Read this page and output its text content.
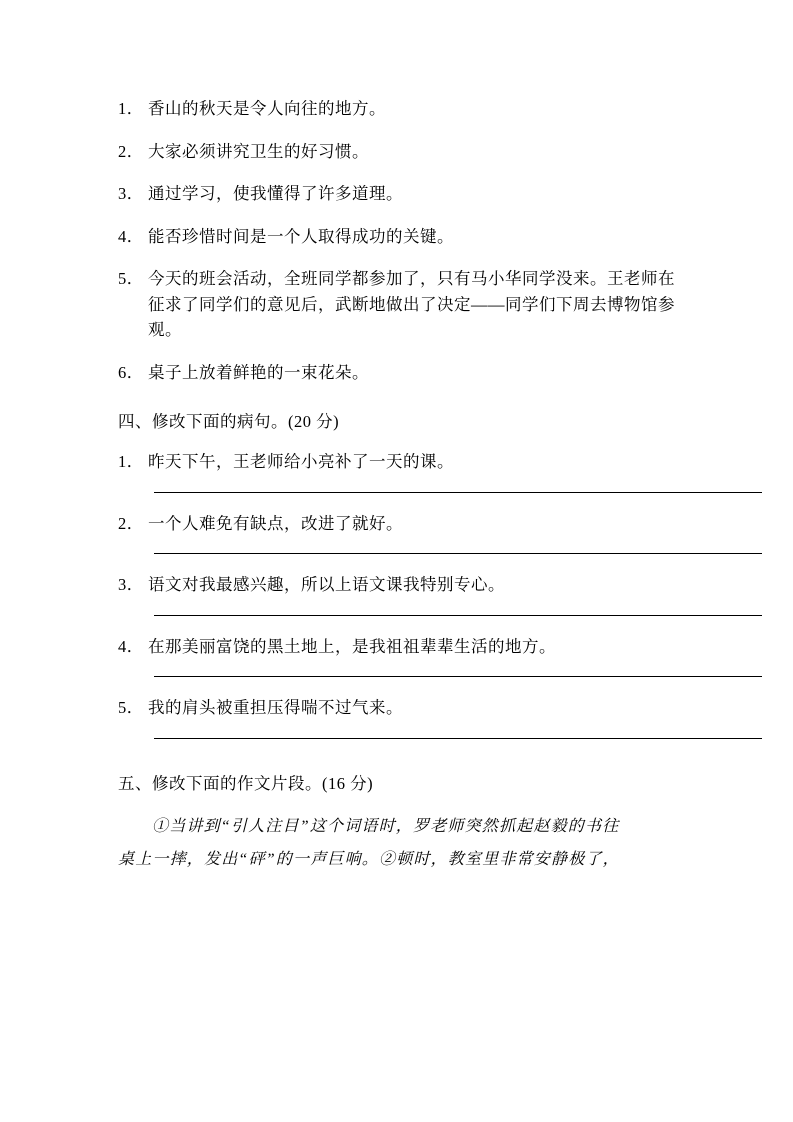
1． 香山的秋天是令人向往的地方。
2． 大家必须讲究卫生的好习惯。
3． 通过学习，使我懂得了许多道理。
4． 能否珍惜时间是一个人取得成功的关键。
5． 今天的班会活动，全班同学都参加了，只有马小华同学没来。王老师在征求了同学们的意见后，武断地做出了决定——同学们下周去博物馆参观。
6． 桌子上放着鲜艳的一束花朵。
四、修改下面的病句。(20 分)
1． 昨天下午，王老师给小亮补了一天的课。
2． 一个人难免有缺点，改进了就好。
3． 语文对我最感兴趣，所以上语文课我特别专心。
4． 在那美丽富饶的黑土地上，是我祖祖辈辈生活的地方。
5． 我的肩头被重担压得喘不过气来。
五、修改下面的作文片段。(16 分)
①当讲到“引人注目”这个词语时，罗老师突然抓起赵毅的书往
桌上一摔，发出“砰”的一声巨响。②顿时，教室里非常安静极了，
